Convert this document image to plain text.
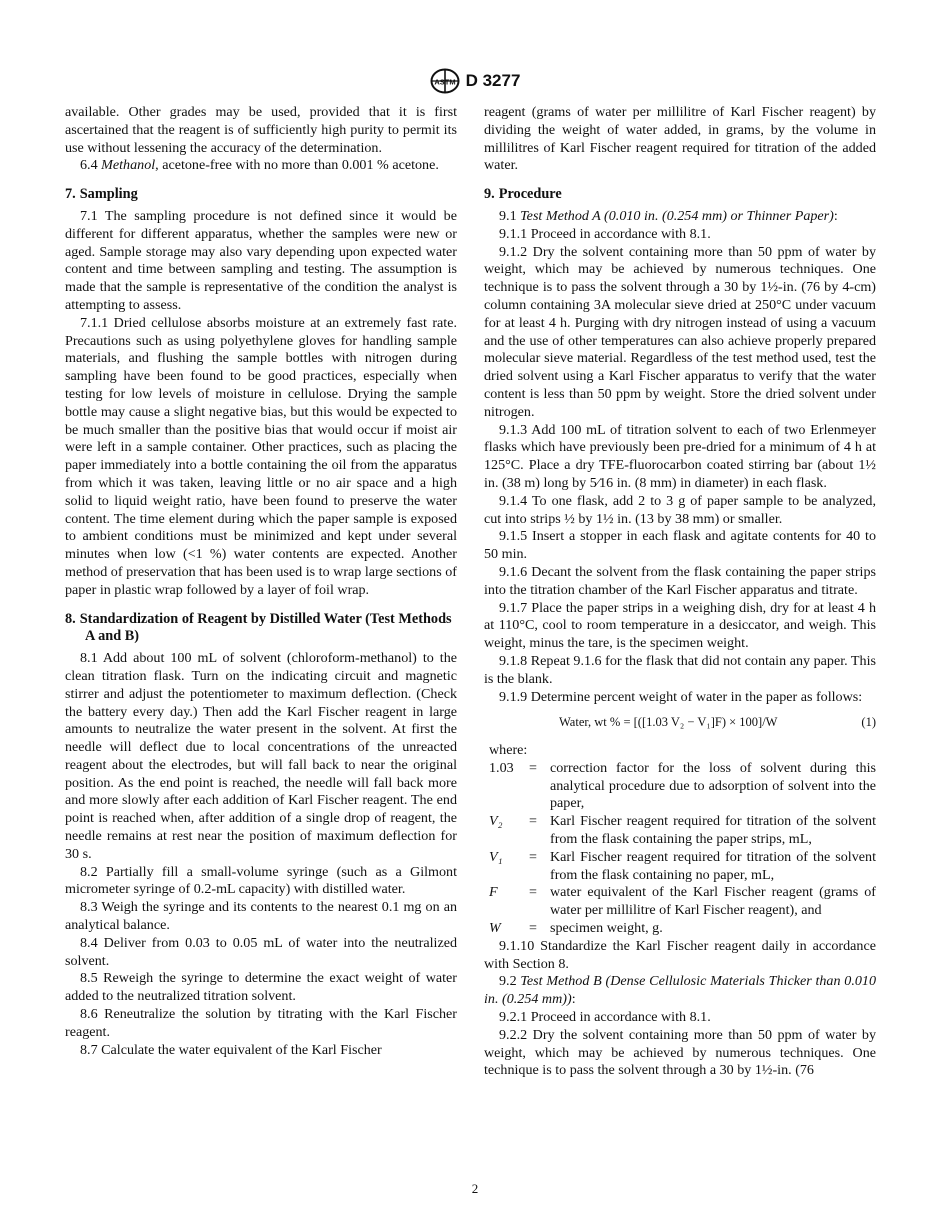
ASTM D 3277

available. Other grades may be used, provided that it is first ascertained that the reagent is of sufficiently high purity to permit its use without lessening the accuracy of the determination.

6.4 Methanol, acetone-free with no more than 0.001 % acetone.

7. Sampling

7.1 The sampling procedure is not defined since it would be different for different apparatus, whether the samples were new or aged. Sample storage may also vary depending upon expected water content and time between sampling and testing. The assumption is made that the sample is representative of the condition the analyst is attempting to assess.

7.1.1 Dried cellulose absorbs moisture at an extremely fast rate. Precautions such as using polyethylene gloves for handling sample materials, and flushing the sample bottles with nitrogen during sampling have been found to be good practices, especially when testing for low levels of moisture in cellulose. Drying the sample bottle may cause a slight negative bias, but this would be expected to be much smaller than the positive bias that would occur if moist air were left in a sample container. Other practices, such as placing the paper immediately into a bottle containing the oil from the apparatus from which it was taken, leaving little or no air space and a high solid to liquid weight ratio, have been found to preserve the water content. The time element during which the paper sample is exposed to ambient conditions must be minimized and kept under several minutes when low (<1 %) water contents are expected. Another method of preservation that has been used is to wrap large sections of paper in plastic wrap followed by a layer of foil wrap.

8. Standardization of Reagent by Distilled Water (Test Methods A and B)

8.1 Add about 100 mL of solvent (chloroform-methanol) to the clean titration flask. Turn on the indicating circuit and magnetic stirrer and adjust the potentiometer to maximum deflection. (Check the battery every day.) Then add the Karl Fischer reagent in large amounts to neutralize the water present in the solvent. At first the needle will deflect due to local concentrations of the unreacted reagent about the electrodes, but will fall back to near the original position. As the end point is reached, the needle will fall back more and more slowly after each addition of Karl Fischer reagent. The end point is reached when, after addition of a single drop of reagent, the needle remains at rest near the position of maximum deflection for 30 s.

8.2 Partially fill a small-volume syringe (such as a Gilmont micrometer syringe of 0.2-mL capacity) with distilled water.

8.3 Weigh the syringe and its contents to the nearest 0.1 mg on an analytical balance.

8.4 Deliver from 0.03 to 0.05 mL of water into the neutralized solvent.

8.5 Reweigh the syringe to determine the exact weight of water added to the neutralized titration solvent.

8.6 Reneutralize the solution by titrating with the Karl Fischer reagent.

8.7 Calculate the water equivalent of the Karl Fischer

reagent (grams of water per millilitre of Karl Fischer reagent) by dividing the weight of water added, in grams, by the volume in millilitres of Karl Fischer reagent required for titration of the added water.

9. Procedure

9.1 Test Method A (0.010 in. (0.254 mm) or Thinner Paper):

9.1.1 Proceed in accordance with 8.1.

9.1.2 Dry the solvent containing more than 50 ppm of water by weight, which may be achieved by numerous techniques. One technique is to pass the solvent through a 30 by 1½-in. (76 by 4-cm) column containing 3A molecular sieve dried at 250°C under vacuum for at least 4 h. Purging with dry nitrogen instead of using a vacuum and the use of other temperatures can also achieve properly prepared molecular sieve material. Regardless of the test method used, test the dried solvent using a Karl Fischer apparatus to verify that the water content is less than 50 ppm by weight. Store the dried solvent under nitrogen.

9.1.3 Add 100 mL of titration solvent to each of two Erlenmeyer flasks which have previously been pre-dried for a minimum of 4 h at 125°C. Place a dry TFE-fluorocarbon coated stirring bar (about 1½ in. (38 m) long by 5⁄16 in. (8 mm) in diameter) in each flask.

9.1.4 To one flask, add 2 to 3 g of paper sample to be analyzed, cut into strips ½ by 1½ in. (13 by 38 mm) or smaller.

9.1.5 Insert a stopper in each flask and agitate contents for 40 to 50 min.

9.1.6 Decant the solvent from the flask containing the paper strips into the titration chamber of the Karl Fischer apparatus and titrate.

9.1.7 Place the paper strips in a weighing dish, dry for at least 4 h at 110°C, cool to room temperature in a desiccator, and weigh. This weight, minus the tare, is the specimen weight.

9.1.8 Repeat 9.1.6 for the flask that did not contain any paper. This is the blank.

9.1.9 Determine percent weight of water in the paper as follows:

Water, wt % = [([1.03 V₂ − V₁]F) × 100]/W	(1)
where:
1.03	=	correction factor for the loss of solvent during this analytical procedure due to adsorption of solvent into the paper,
V₂	=	Karl Fischer reagent required for titration of the solvent from the flask containing the paper strips, mL,
V₁	=	Karl Fischer reagent required for titration of the solvent from the flask containing no paper, mL,
F	=	water equivalent of the Karl Fischer reagent (grams of water per millilitre of Karl Fischer reagent), and
W	=	specimen weight, g.

9.1.10 Standardize the Karl Fischer reagent daily in accordance with Section 8.

9.2 Test Method B (Dense Cellulosic Materials Thicker than 0.010 in. (0.254 mm)):

9.2.1 Proceed in accordance with 8.1.

9.2.2 Dry the solvent containing more than 50 ppm of water by weight, which may be achieved by numerous techniques. One technique is to pass the solvent through a 30 by 1½-in. (76

2
